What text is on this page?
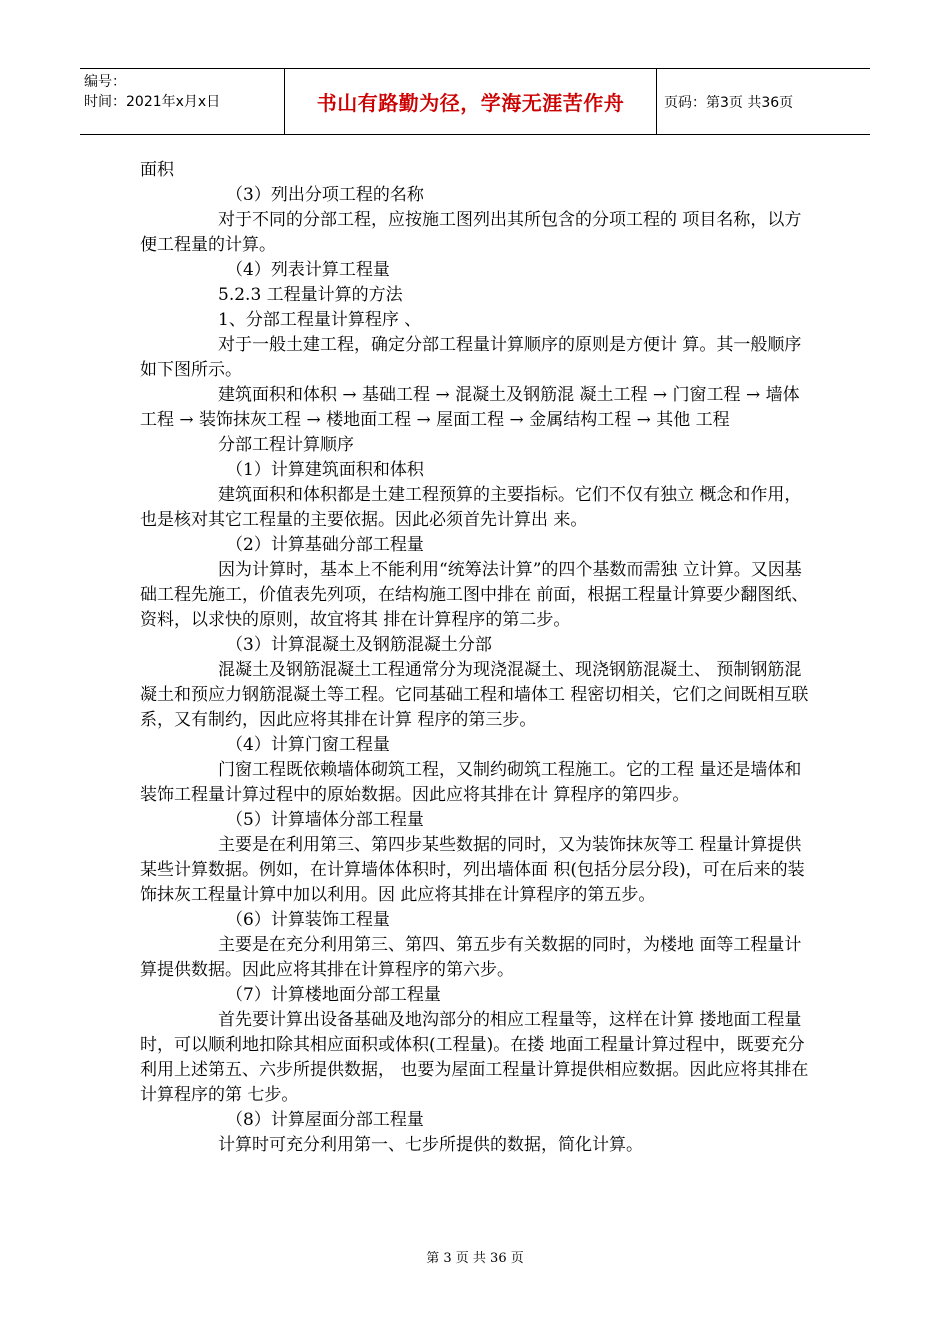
编号：
时间：2021年x月x日	书山有路勤为径，学海无涯苦作舟	页码：第3页 共36页

面积

（3）列出分项工程的名称

对于不同的分部工程，应按施工图列出其所包含的分项工程的 项目名称，以方便工程量的计算。

（4）列表计算工程量

5.2.3 工程量计算的方法

1、分部工程量计算程序 、

对于一般土建工程，确定分部工程量计算顺序的原则是方便计 算。其一般顺序如下图所示。

建筑面积和体积 → 基础工程 → 混凝土及钢筋混 凝土工程 → 门窗工程 → 墙体工程 → 装饰抹灰工程 → 楼地面工程 → 屋面工程 → 金属结构工程 → 其他 工程

分部工程计算顺序

（1）计算建筑面积和体积

建筑面积和体积都是土建工程预算的主要指标。它们不仅有独立 概念和作用，也是核对其它工程量的主要依据。因此必须首先计算出 来。

（2）计算基础分部工程量

因为计算时，基本上不能利用“统筹法计算”的四个基数而需独 立计算。又因基础工程先施工，价值表先列项，在结构施工图中排在 前面，根据工程量计算要少翻图纸、资料，以求快的原则，故宜将其 排在计算程序的第二步。

（3）计算混凝土及钢筋混凝土分部

混凝土及钢筋混凝土工程通常分为现浇混凝土、现浇钢筋混凝土、 预制钢筋混凝土和预应力钢筋混凝土等工程。它同基础工程和墙体工 程密切相关，它们之间既相互联系，又有制约，因此应将其排在计算 程序的第三步。

（4）计算门窗工程量

门窗工程既依赖墙体砌筑工程，又制约砌筑工程施工。它的工程 量还是墙体和装饰工程量计算过程中的原始数据。因此应将其排在计 算程序的第四步。

（5）计算墙体分部工程量

主要是在利用第三、第四步某些数据的同时，又为装饰抹灰等工 程量计算提供某些计算数据。例如，在计算墙体体积时，列出墙体面 积(包括分层分段)，可在后来的装饰抹灰工程量计算中加以利用。因 此应将其排在计算程序的第五步。

（6）计算装饰工程量

主要是在充分利用第三、第四、第五步有关数据的同时，为楼地 面等工程量计算提供数据。因此应将其排在计算程序的第六步。

（7）计算楼地面分部工程量

首先要计算出设备基础及地沟部分的相应工程量等，这样在计算 搂地面工程量时，可以顺利地扣除其相应面积或体积(工程量)。在搂 地面工程量计算过程中，既要充分利用上述第五、六步所提供数据， 也要为屋面工程量计算提供相应数据。因此应将其排在计算程序的第 七步。

（8）计算屋面分部工程量

计算时可充分利用第一、七步所提供的数据，简化计算。

第 3 页 共 36 页
